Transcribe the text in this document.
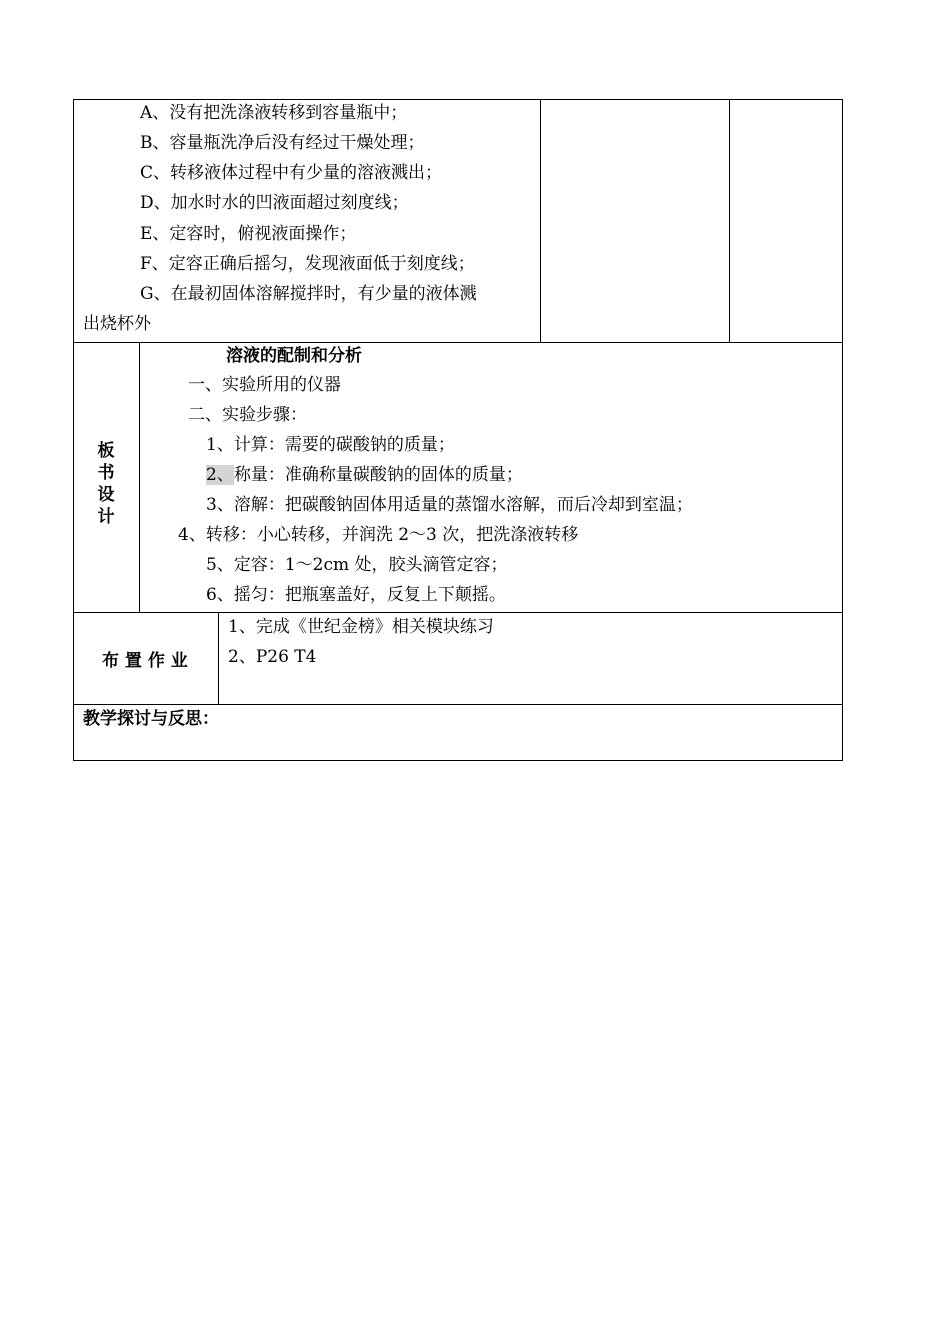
A、没有把洗涤液转移到容量瓶中；
B、容量瓶洗净后没有经过干燥处理；
C、转移液体过程中有少量的溶液溅出；
D、加水时水的凹液面超过刻度线；
E、定容时，俯视液面操作；
F、定容正确后摇匀，发现液面低于刻度线；
G、在最初固体溶解搅拌时，有少量的液体溅
出烧杯外
板
书
设
计
溶液的配制和分析
一、实验所用的仪器
二、实验步骤：
1、计算：需要的碳酸钠的质量；
2、称量：准确称量碳酸钠的固体的质量；
3、溶解：把碳酸钠固体用适量的蒸馏水溶解，而后冷却到室温；
4、转移：小心转移，并润洗 2～3 次，把洗涤液转移
5、定容：1～2cm 处，胶头滴管定容；
6、摇匀：把瓶塞盖好，反复上下颠摇。
布 置 作 业
1、完成《世纪金榜》相关模块练习
2、P26 T4
教学探讨与反思：
